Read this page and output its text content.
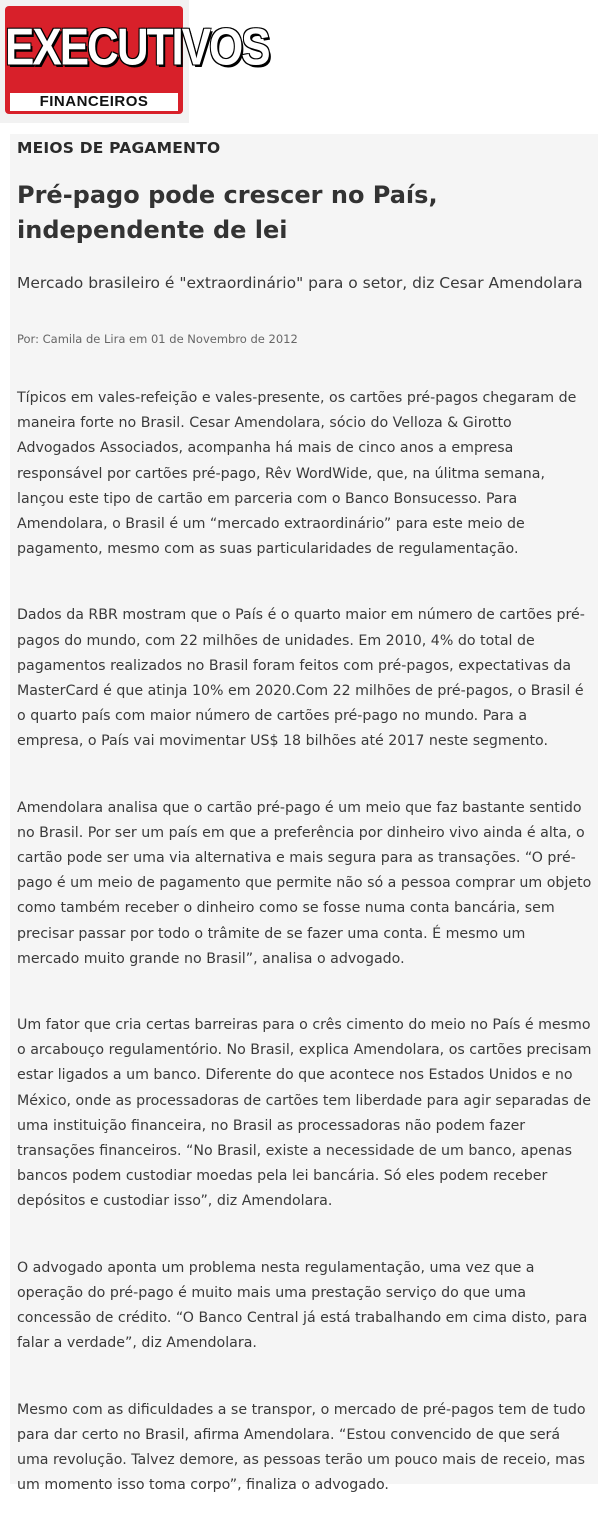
EXECUTIVOS
FINANCEIROS
MEIOS DE PAGAMENTO
Pré-pago pode crescer no País, independente de lei

Mercado brasileiro é "extraordinário" para o setor, diz Cesar Amendolara

Por: Camila de Lira em 01 de Novembro de 2012

Típicos em vales-refeição e vales-presente, os cartões pré-pagos chegaram de maneira forte no Brasil. Cesar Amendolara, sócio do Velloza & Girotto Advogados Associados, acompanha há mais de cinco anos a empresa responsável por cartões pré-pago, Rêv WordWide, que, na úlitma semana, lançou este tipo de cartão em parceria com o Banco Bonsucesso. Para Amendolara, o Brasil é um “mercado extraordinário” para este meio de pagamento, mesmo com as suas particularidades de regulamentação.

Dados da RBR mostram que o País é o quarto maior em número de cartões pré-pagos do mundo, com 22 milhões de unidades. Em 2010, 4% do total de pagamentos realizados no Brasil foram feitos com pré-pagos, expectativas da MasterCard é que atinja 10% em 2020.Com 22 milhões de pré-pagos, o Brasil é o quarto país com maior número de cartões pré-pago no mundo. Para a empresa, o País vai movimentar US$ 18 bilhões até 2017 neste segmento.

Amendolara analisa que o cartão pré-pago é um meio que faz bastante sentido no Brasil. Por ser um país em que a preferência por dinheiro vivo ainda é alta, o cartão pode ser uma via alternativa e mais segura para as transações. “O pré-pago é um meio de pagamento que permite não só a pessoa comprar um objeto como também receber o dinheiro como se fosse numa conta bancária, sem precisar passar por todo o trâmite de se fazer uma conta. É mesmo um mercado muito grande no Brasil”, analisa o advogado.

Um fator que cria certas barreiras para o crês cimento do meio no País é mesmo o arcabouço regulamentório. No Brasil, explica Amendolara, os cartões precisam estar ligados a um banco. Diferente do que acontece nos Estados Unidos e no México, onde as processadoras de cartões tem liberdade para agir separadas de uma instituição financeira, no Brasil as processadoras não podem fazer transações financeiros. “No Brasil, existe a necessidade de um banco, apenas bancos podem custodiar moedas pela lei bancária. Só eles podem receber depósitos e custodiar isso”, diz Amendolara.

O advogado aponta um problema nesta regulamentação, uma vez que a operação do pré-pago é muito mais uma prestação serviço do que uma concessão de crédito. “O Banco Central já está trabalhando em cima disto, para falar a verdade”, diz Amendolara.

Mesmo com as dificuldades a se transpor, o mercado de pré-pagos tem de tudo para dar certo no Brasil, afirma Amendolara. “Estou convencido de que será uma revolução. Talvez demore, as pessoas terão um pouco mais de receio, mas um momento isso toma corpo”, finaliza o advogado.
